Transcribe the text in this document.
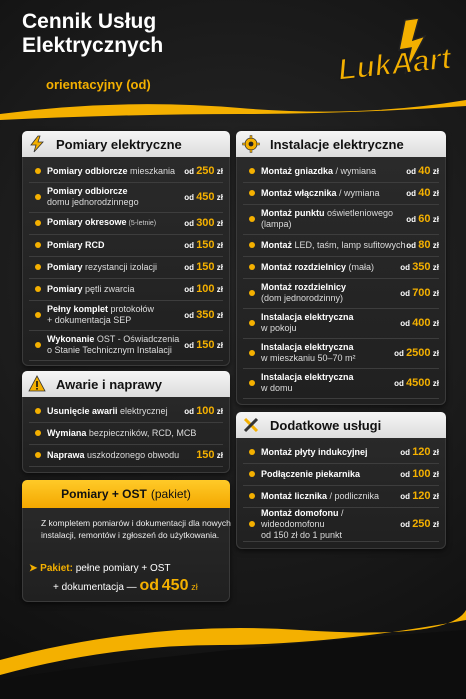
Cennik Usług
Elektrycznych
orientacyjny (od)	LukAart
Pomiary elektryczne
Pomiary odbiorcze mieszkania	od 250 zł
Pomiary odbiorcze
domu jednorodzinnego	od 450 zł
Pomiary okresowe (5-letnie)	od 300 zł
Pomiary RCD	od 150 zł
Pomiary rezystancji izolacji	od 150 zł
Pomiary pętli zwarcia	od 100 zł
Pełny komplet protokołów
+ dokumentacja SEP	od 350 zł
Wykonanie OST - Oświadczenia
o Stanie Technicznym Instalacji	od 150 zł
Awarie i naprawy
Usunięcie awarii elektrycznej	od 100 zł
Wymiana bezpieczników, RCD, MCB
Naprawa uszkodzonego obwodu	150 zł
Pomiary + OST (pakiet)
Z kompletem pomiarów i dokumentacji dla nowych instalacji, remontów i zgłoszeń do użytkowania.
➤ Pakiet: pełne pomiary + OST
+ dokumentacja — od 450 zł
Instalacje elektryczne
Montaż gniazdka / wymiana	od 40 zł
Montaż włącznika / wymiana	od 40 zł
Montaż punktu oświetleniowego
(lampa)	od 60 zł
Montaż LED, taśm, lamp sufitowych od 80 zł
Montaż rozdzielnicy (mała)	od 350 zł
Montaż rozdzielnicy
(dom jednorodzinny)	od 700 zł
Instalacja elektryczna
w pokoju	od 400 zł
Instalacja elektryczna
w mieszkaniu 50–70 m²	od 2500 zł
Instalacja elektryczna
w domu	od 4500 zł
Dodatkowe usługi
Montaż płyty indukcyjnej	od 120 zł
Podłączenie piekarnika	od 100 zł
Montaż licznika / podlicznika	od 120 zł
Montaż domofonu / wideodomofonu
od 150 zł do 1 punkt
od 250 zł
